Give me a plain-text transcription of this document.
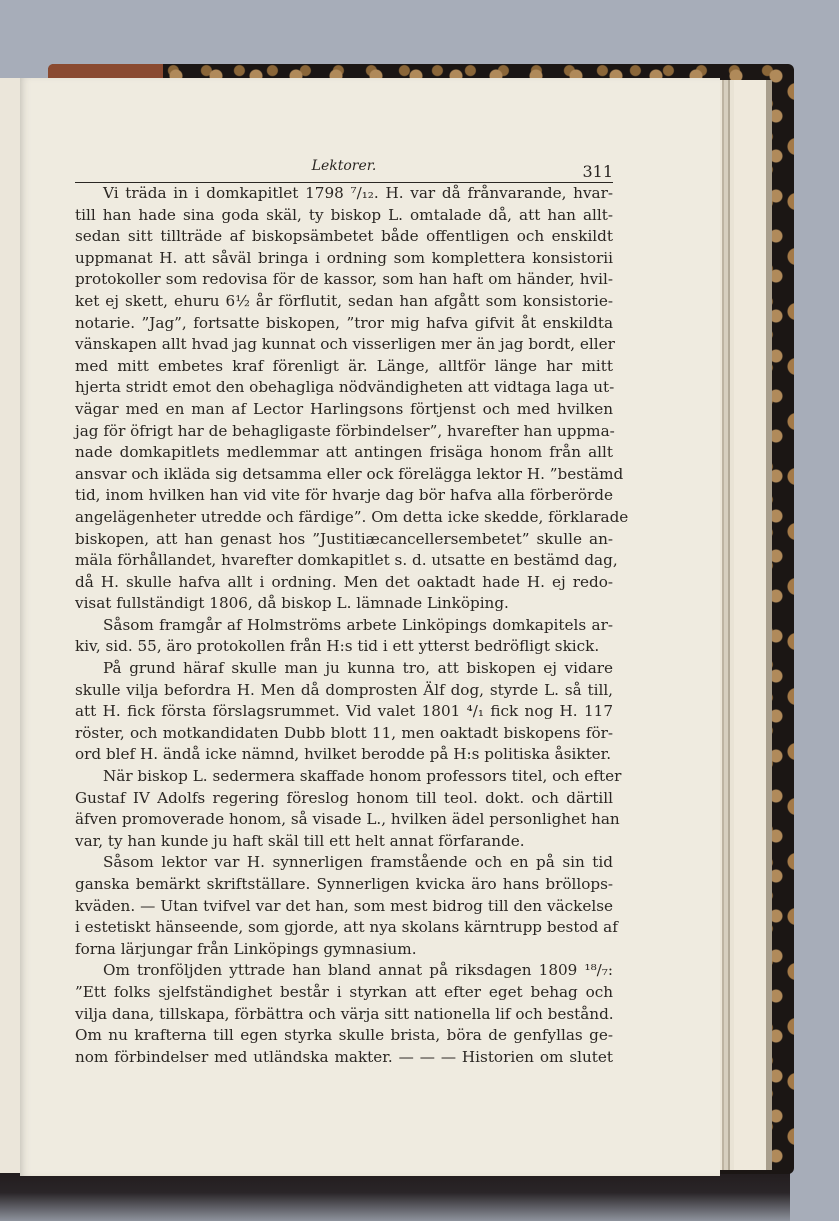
Lektorer.	311
Vi träda in i domkapitlet 1798 ⁷/₁₂. H. var då frånvarande, hvar-
till han hade sina goda skäl, ty biskop L. omtalade då, att han allt-
sedan sitt tillträde af biskopsämbetet både offentligen och enskildt
uppmanat H. att såväl bringa i ordning som komplettera konsistorii
protokoller som redovisa för de kassor, som han haft om händer, hvil-
ket ej skett, ehuru 6½ år förflutit, sedan han afgått som konsistorie-
notarie. ”Jag”, fortsatte biskopen, ”tror mig hafva gifvit åt enskildta
vänskapen allt hvad jag kunnat och visserligen mer än jag bordt, eller
med mitt embetes kraf förenligt är. Länge, alltför länge har mitt
hjerta stridt emot den obehagliga nödvändigheten att vidtaga laga ut-
vägar med en man af Lector Harlingsons förtjenst och med hvilken
jag för öfrigt har de behagligaste förbindelser”, hvarefter han uppma-
nade domkapitlets medlemmar att antingen frisäga honom från allt
ansvar och ikläda sig detsamma eller ock förelägga lektor H. ”bestämd
tid, inom hvilken han vid vite för hvarje dag bör hafva alla förberörde
angelägenheter utredde och färdige”. Om detta icke skedde, förklarade
biskopen, att han genast hos ”Justitiæcancellersembetet” skulle an-
mäla förhållandet, hvarefter domkapitlet s. d. utsatte en bestämd dag,
då H. skulle hafva allt i ordning. Men det oaktadt hade H. ej redo-
visat fullständigt 1806, då biskop L. lämnade Linköping.
Såsom framgår af Holmströms arbete Linköpings domkapitels ar-
kiv, sid. 55, äro protokollen från H:s tid i ett ytterst bedröfligt skick.
På grund häraf skulle man ju kunna tro, att biskopen ej vidare
skulle vilja befordra H. Men då domprosten Älf dog, styrde L. så till,
att H. fick första förslagsrummet. Vid valet 1801 ⁴/₁ fick nog H. 117
röster, och motkandidaten Dubb blott 11, men oaktadt biskopens för-
ord blef H. ändå icke nämnd, hvilket berodde på H:s politiska åsikter.
När biskop L. sedermera skaffade honom professors titel, och efter
Gustaf IV Adolfs regering föreslog honom till teol. dokt. och därtill
äfven promoverade honom, så visade L., hvilken ädel personlighet han
var, ty han kunde ju haft skäl till ett helt annat förfarande.
Såsom lektor var H. synnerligen framstående och en på sin tid
ganska bemärkt skriftställare. Synnerligen kvicka äro hans bröllops-
kväden. — Utan tvifvel var det han, som mest bidrog till den väckelse
i estetiskt hänseende, som gjorde, att nya skolans kärntrupp bestod af
forna lärjungar från Linköpings gymnasium.
Om tronföljden yttrade han bland annat på riksdagen 1809 ¹⁸/₇:
”Ett folks sjelfständighet består i styrkan att efter eget behag och
vilja dana, tillskapa, förbättra och värja sitt nationella lif och bestånd.
Om nu krafterna till egen styrka skulle brista, böra de genfyllas ge-
nom förbindelser med utländska makter. — — — Historien om slutet
